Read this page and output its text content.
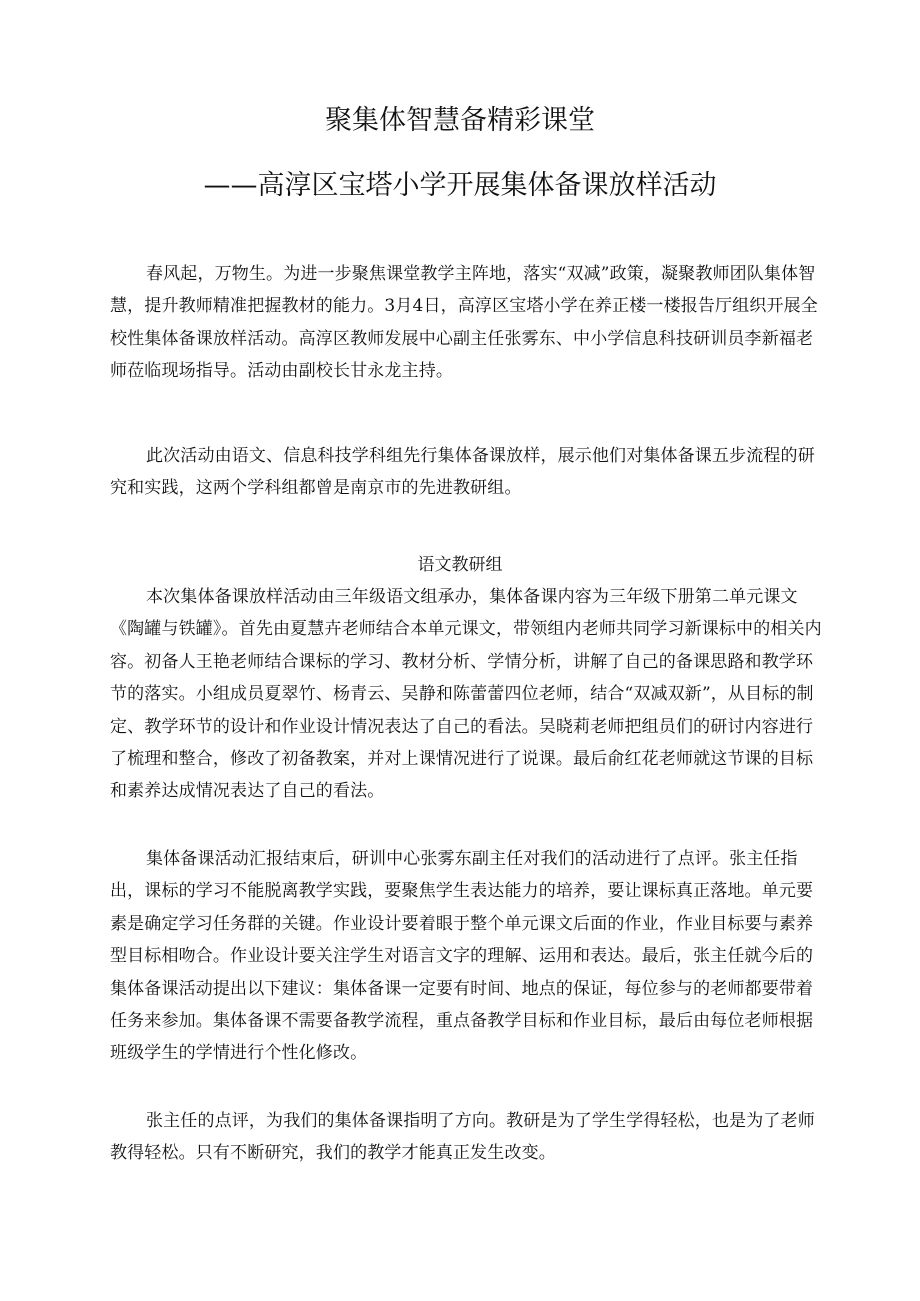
聚集体智慧备精彩课堂
——高淳区宝塔小学开展集体备课放样活动

春风起，万物生。为进一步聚焦课堂教学主阵地，落实“双减”政策，凝聚教师团队集体智慧，提升教师精准把握教材的能力。3月4日，高淳区宝塔小学在养正楼一楼报告厅组织开展全校性集体备课放样活动。高淳区教师发展中心副主任张雾东、中小学信息科技研训员李新福老师莅临现场指导。活动由副校长甘永龙主持。

此次活动由语文、信息科技学科组先行集体备课放样，展示他们对集体备课五步流程的研究和实践，这两个学科组都曾是南京市的先进教研组。

语文教研组

本次集体备课放样活动由三年级语文组承办，集体备课内容为三年级下册第二单元课文《陶罐与铁罐》。首先由夏慧卉老师结合本单元课文，带领组内老师共同学习新课标中的相关内容。初备人王艳老师结合课标的学习、教材分析、学情分析，讲解了自己的备课思路和教学环节的落实。小组成员夏翠竹、杨青云、吴静和陈蕾蕾四位老师，结合“双减双新”，从目标的制定、教学环节的设计和作业设计情况表达了自己的看法。吴晓莉老师把组员们的研讨内容进行了梳理和整合，修改了初备教案，并对上课情况进行了说课。最后俞红花老师就这节课的目标和素养达成情况表达了自己的看法。

集体备课活动汇报结束后，研训中心张雾东副主任对我们的活动进行了点评。张主任指出，课标的学习不能脱离教学实践，要聚焦学生表达能力的培养，要让课标真正落地。单元要素是确定学习任务群的关键。作业设计要着眼于整个单元课文后面的作业，作业目标要与素养型目标相吻合。作业设计要关注学生对语言文字的理解、运用和表达。最后，张主任就今后的集体备课活动提出以下建议：集体备课一定要有时间、地点的保证，每位参与的老师都要带着任务来参加。集体备课不需要备教学流程，重点备教学目标和作业目标，最后由每位老师根据班级学生的学情进行个性化修改。

张主任的点评，为我们的集体备课指明了方向。教研是为了学生学得轻松，也是为了老师教得轻松。只有不断研究，我们的教学才能真正发生改变。
